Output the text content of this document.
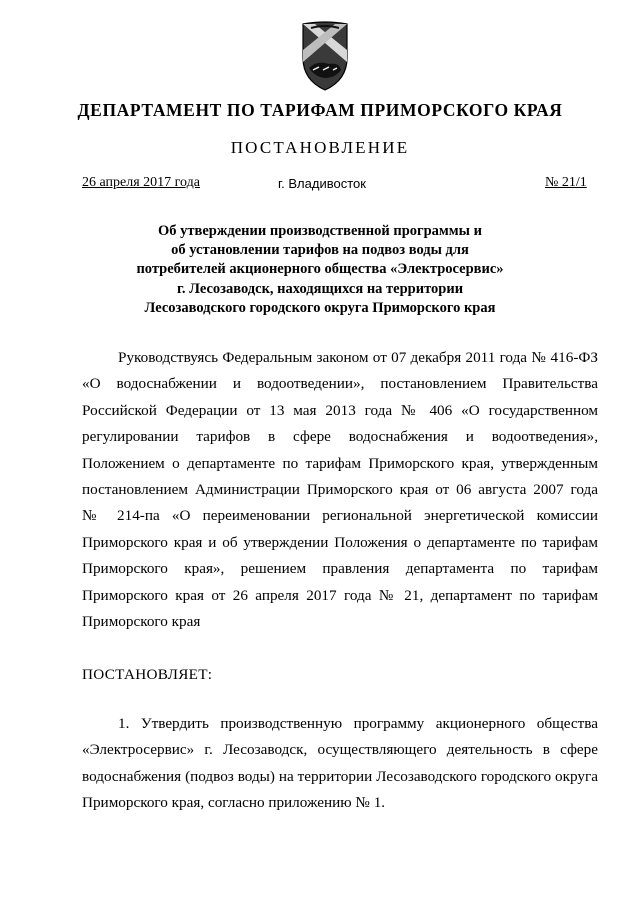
ДЕПАРТАМЕНТ ПО ТАРИФАМ ПРИМОРСКОГО КРАЯ
ПОСТАНОВЛЕНИЕ
26 апреля 2017 года	г. Владивосток	№ 21/1
Об утверждении производственной программы и
об установлении тарифов на подвоз воды для
потребителей акционерного общества «Электросервис»
г. Лесозаводск, находящихся на территории
Лесозаводского городского округа Приморского края
Руководствуясь Федеральным законом от 07 декабря 2011 года № 416-ФЗ
«О водоснабжении и водоотведении», постановлением Правительства
Российской Федерации от 13 мая 2013 года № 406 «О государственном
регулировании тарифов в сфере водоснабжения и водоотведения»,
Положением о департаменте по тарифам Приморского края, утвержденным
постановлением Администрации Приморского края от 06 августа 2007 года
№ 214-па «О переименовании региональной энергетической комиссии
Приморского края и об утверждении Положения о департаменте по тарифам
Приморского края», решением правления департамента по тарифам
Приморского края от 26 апреля 2017 года № 21, департамент по тарифам
Приморского края
ПОСТАНОВЛЯЕТ:
1. Утвердить производственную программу акционерного общества
«Электросервис» г. Лесозаводск, осуществляющего деятельность в сфере
водоснабжения (подвоз воды) на территории Лесозаводского городского округа
Приморского края, согласно приложению № 1.
